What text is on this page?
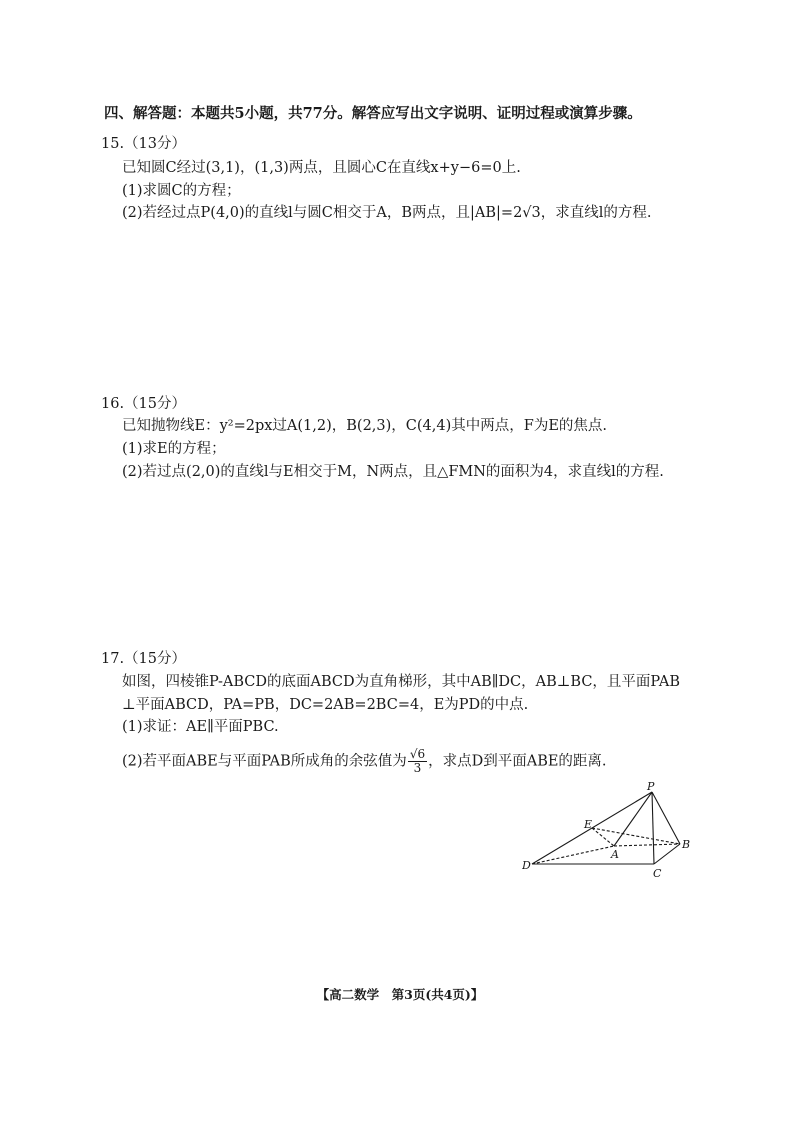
四、解答题：本题共5小题，共77分。解答应写出文字说明、证明过程或演算步骤。
15.（13分）
已知圆C经过(3,1)，(1,3)两点，且圆心C在直线x+y−6=0上.
(1)求圆C的方程；
(2)若经过点P(4,0)的直线l与圆C相交于A，B两点，且|AB|=2√3，求直线l的方程.
16.（15分）
已知抛物线E：y²=2px过A(1,2)，B(2,3)，C(4,4)其中两点，F为E的焦点.
(1)求E的方程；
(2)若过点(2,0)的直线l与E相交于M，N两点，且△FMN的面积为4，求直线l的方程.
17.（15分）
如图，四棱锥P-ABCD的底面ABCD为直角梯形，其中AB∥DC，AB⊥BC，且平面PAB
⊥平面ABCD，PA=PB，DC=2AB=2BC=4，E为PD的中点.
(1)求证：AE∥平面PBC.
(2)若平面ABE与平面PAB所成角的余弦值为 $\frac{√6}{3}$ ，求点D到平面ABE的距离.
P
E
A
B
C
D
【高二数学　第3页(共4页)】
